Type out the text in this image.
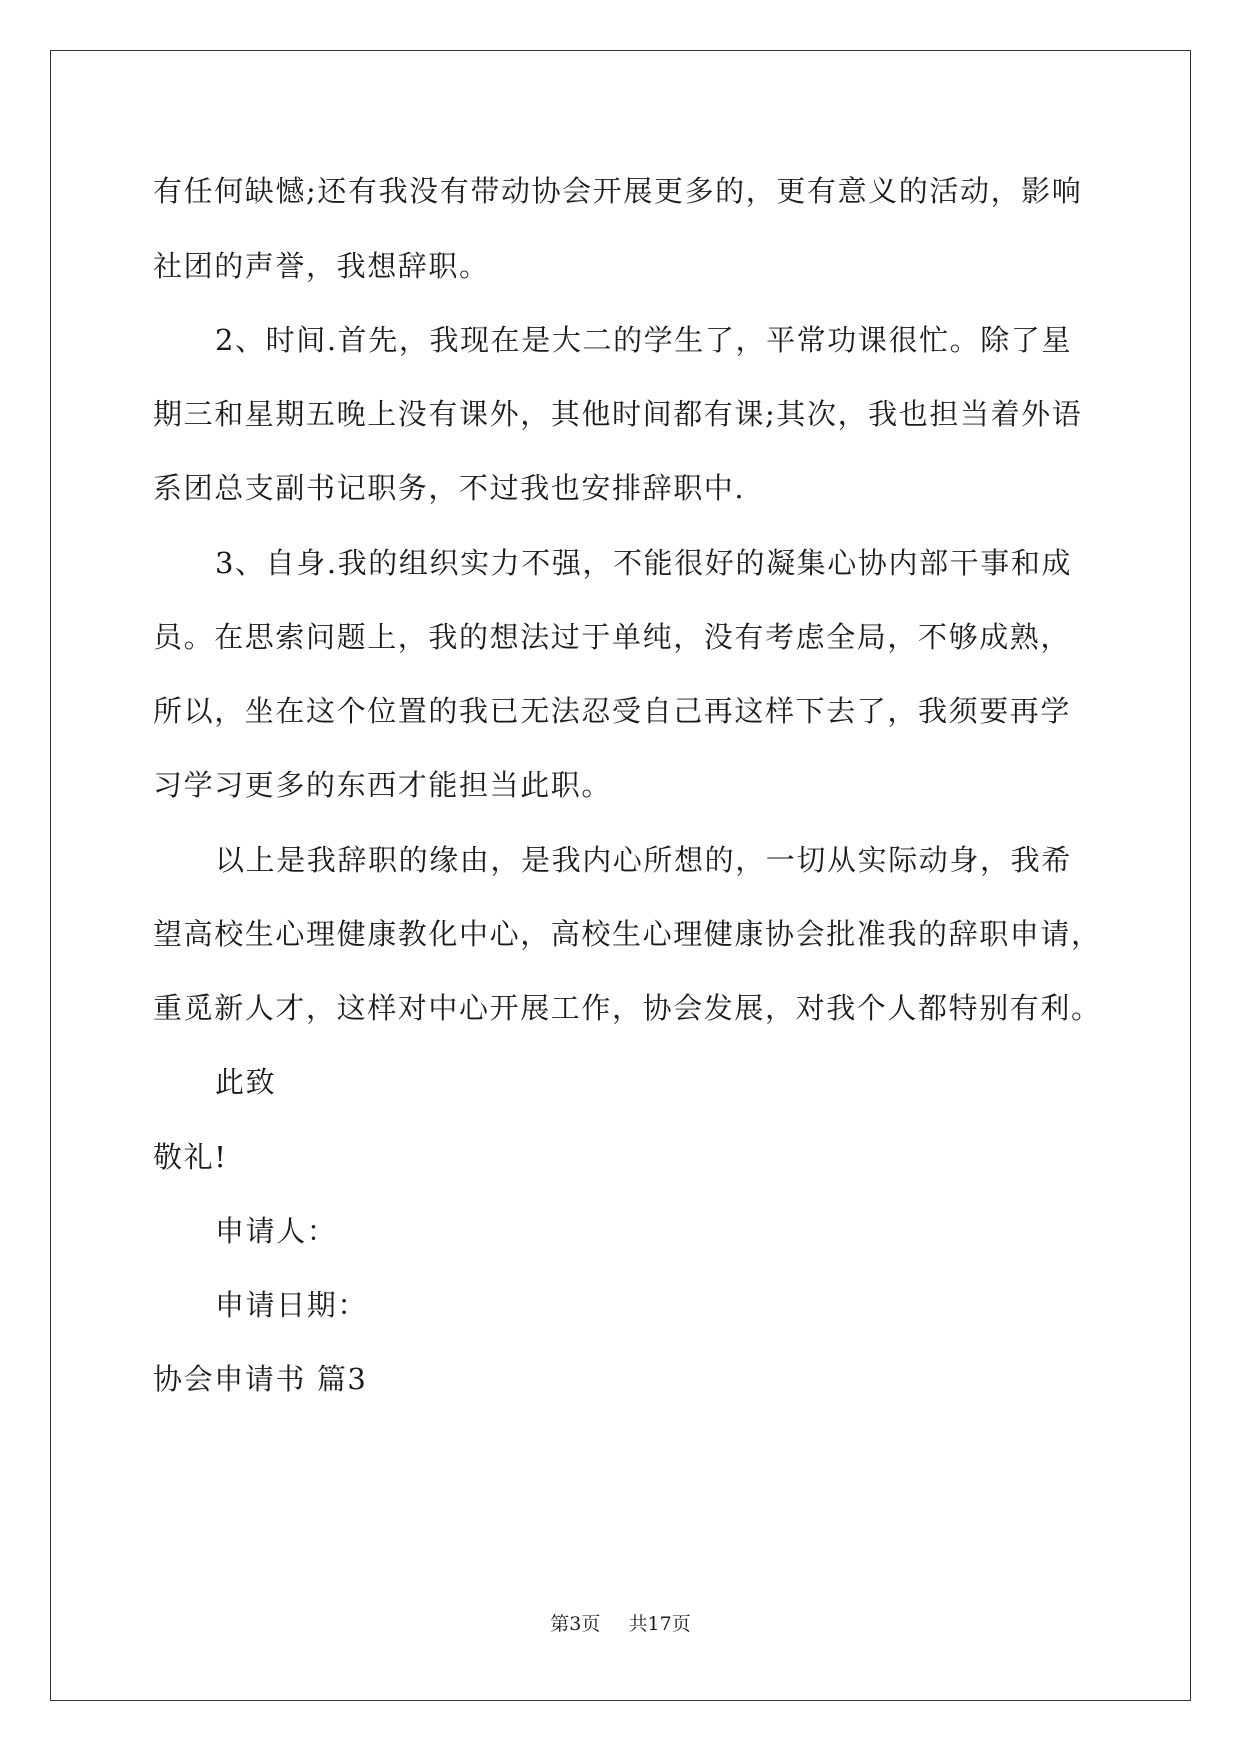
有任何缺憾;还有我没有带动协会开展更多的，更有意义的活动，影响
社团的声誉，我想辞职。
2、时间.首先，我现在是大二的学生了，平常功课很忙。除了星
期三和星期五晚上没有课外，其他时间都有课;其次，我也担当着外语
系团总支副书记职务，不过我也安排辞职中.
3、自身.我的组织实力不强，不能很好的凝集心协内部干事和成
员。在思索问题上，我的想法过于单纯，没有考虑全局，不够成熟，
所以，坐在这个位置的我已无法忍受自己再这样下去了，我须要再学
习学习更多的东西才能担当此职。
以上是我辞职的缘由，是我内心所想的，一切从实际动身，我希
望高校生心理健康教化中心，高校生心理健康协会批准我的辞职申请，
重觅新人才，这样对中心开展工作，协会发展，对我个人都特别有利。
此致
敬礼!
申请人：
申请日期：
协会申请书 篇3
第3页 共17页
